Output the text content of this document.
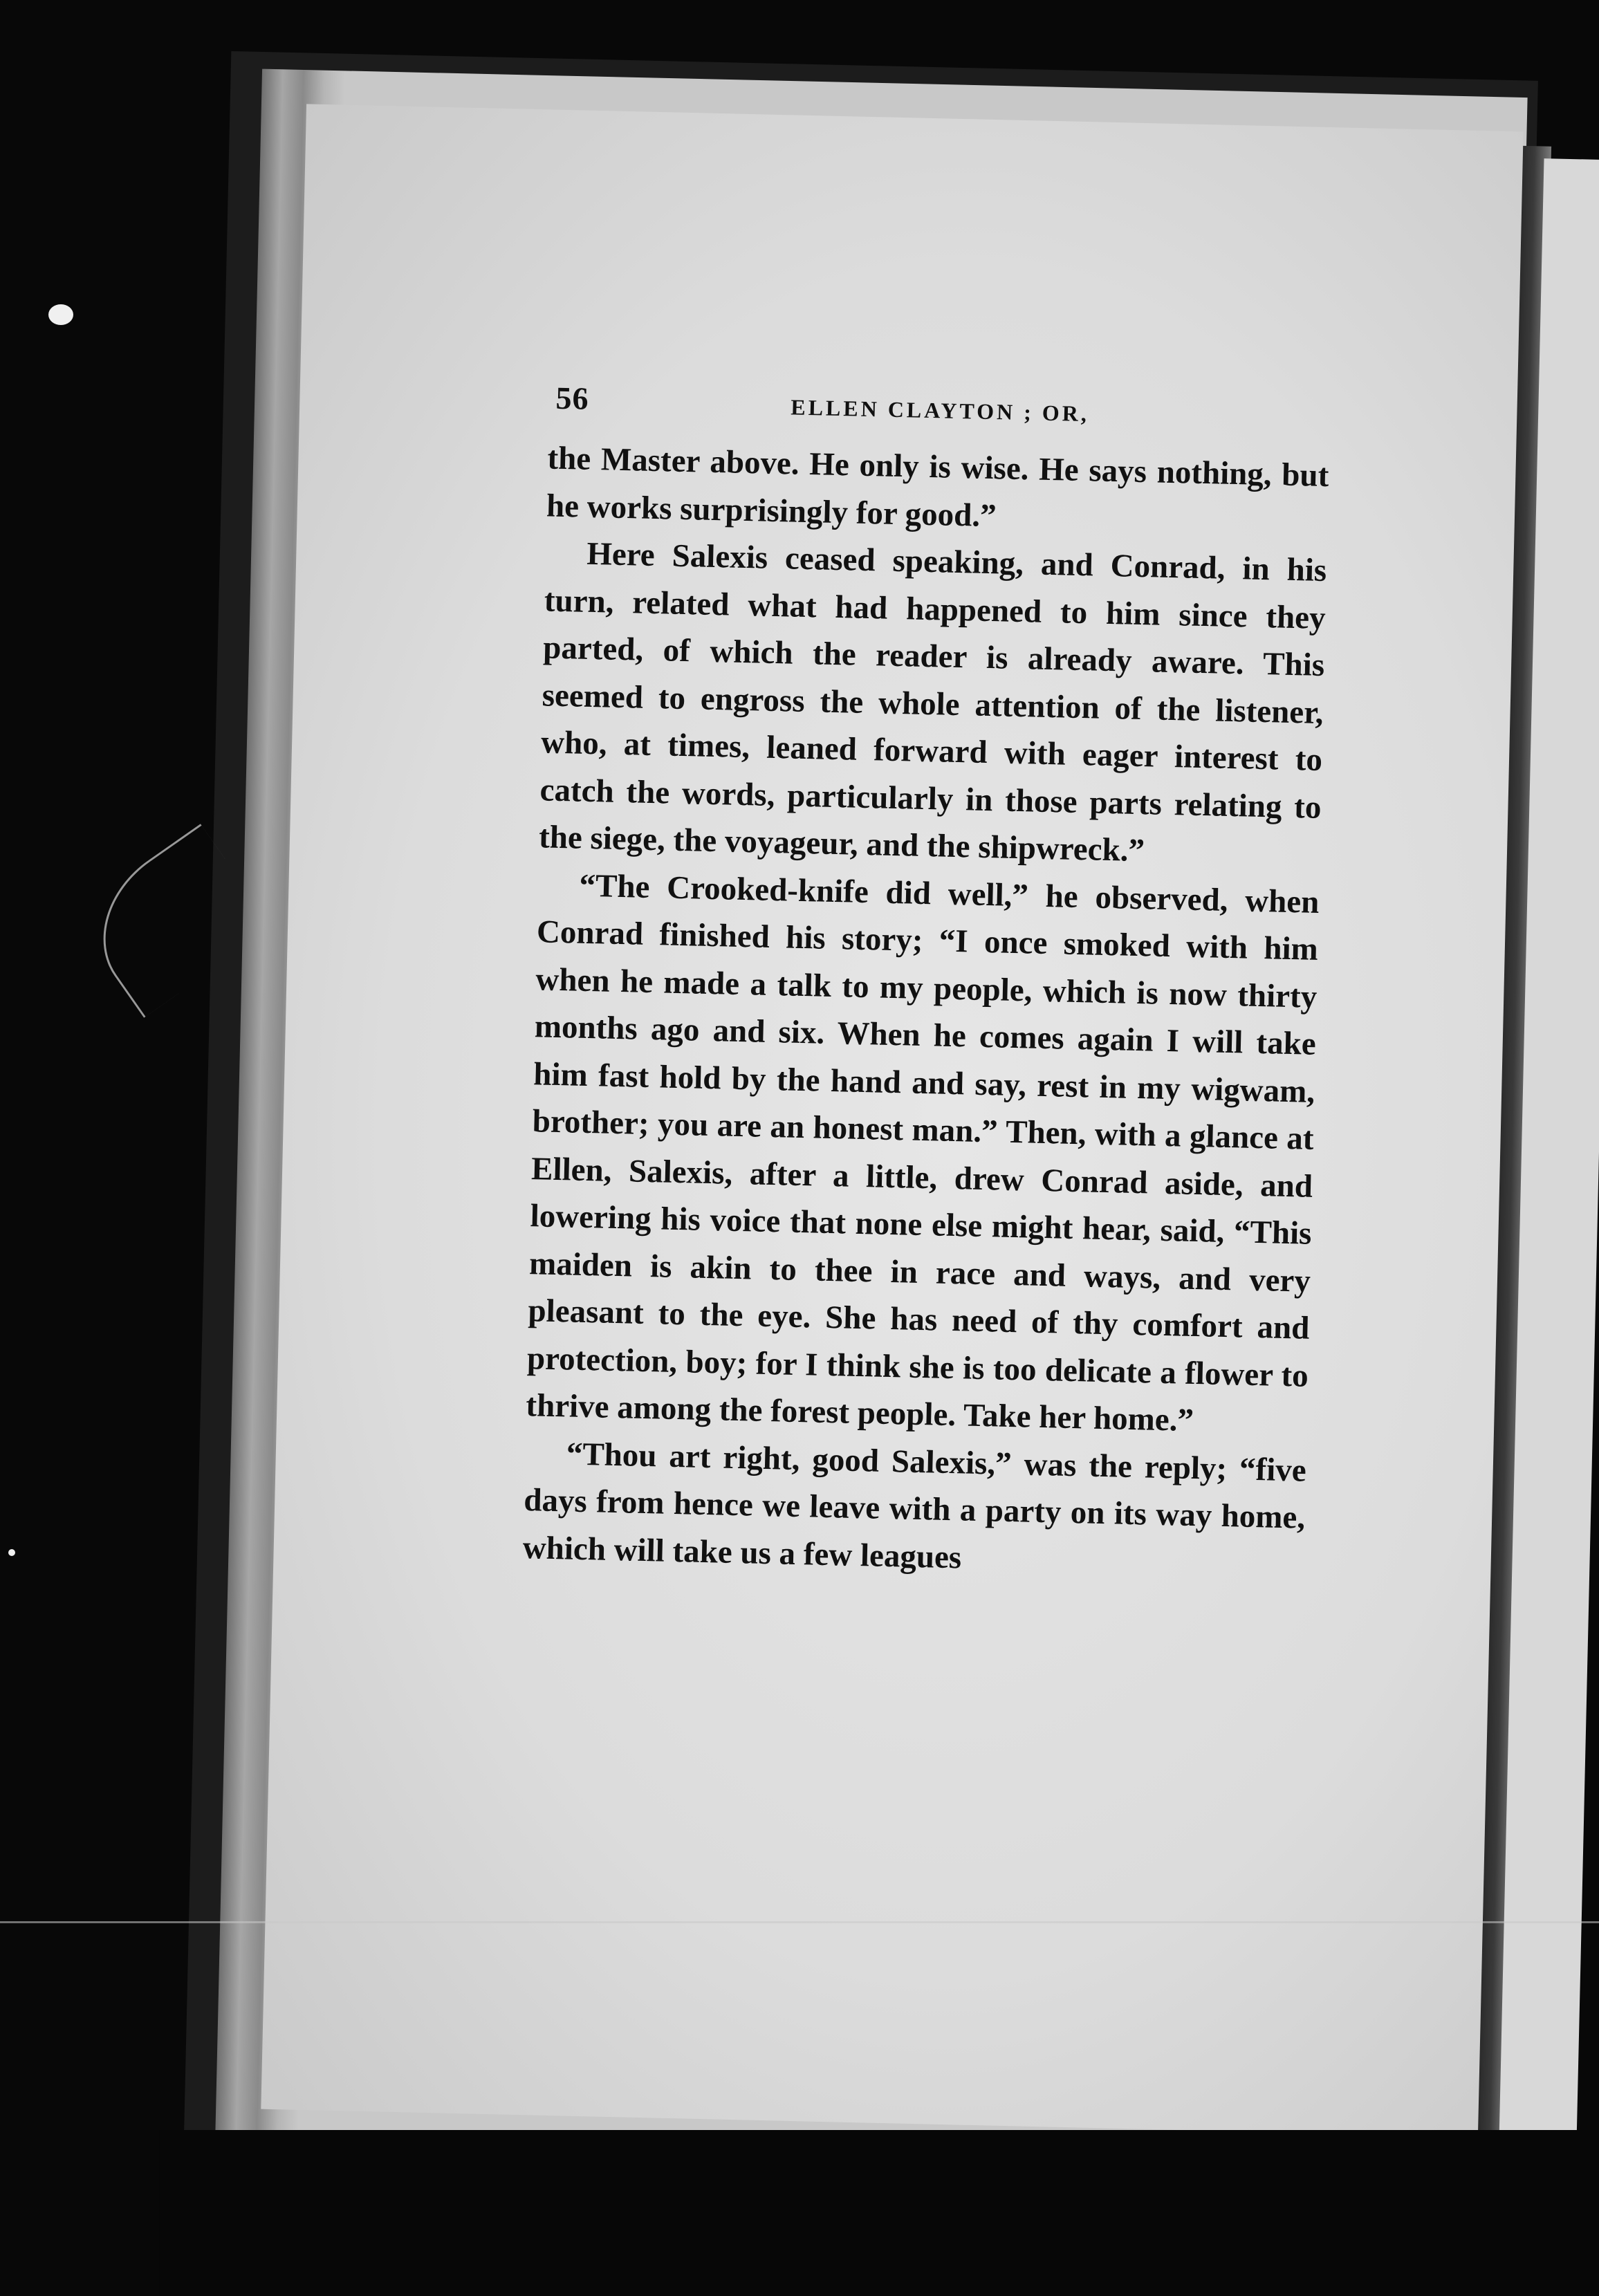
56	ELLEN CLAYTON ; OR,

the Master above. He only is wise. He says nothing, but he works surprisingly for good.”

Here Salexis ceased speaking, and Conrad, in his turn, related what had happened to him since they parted, of which the reader is already aware. This seemed to engross the whole attention of the listener, who, at times, leaned forward with eager interest to catch the words, particularly in those parts relating to the siege, the voyageur, and the shipwreck.”

“The Crooked-knife did well,” he observed, when Conrad finished his story; “I once smoked with him when he made a talk to my people, which is now thirty months ago and six. When he comes again I will take him fast hold by the hand and say, rest in my wigwam, brother; you are an honest man.” Then, with a glance at Ellen, Salexis, after a little, drew Conrad aside, and lowering his voice that none else might hear, said, “This maiden is akin to thee in race and ways, and very pleasant to the eye. She has need of thy comfort and protection, boy; for I think she is too delicate a flower to thrive among the forest people. Take her home.”

“Thou art right, good Salexis,” was the reply; “five days from hence we leave with a party on its way home, which will take us a few leagues
